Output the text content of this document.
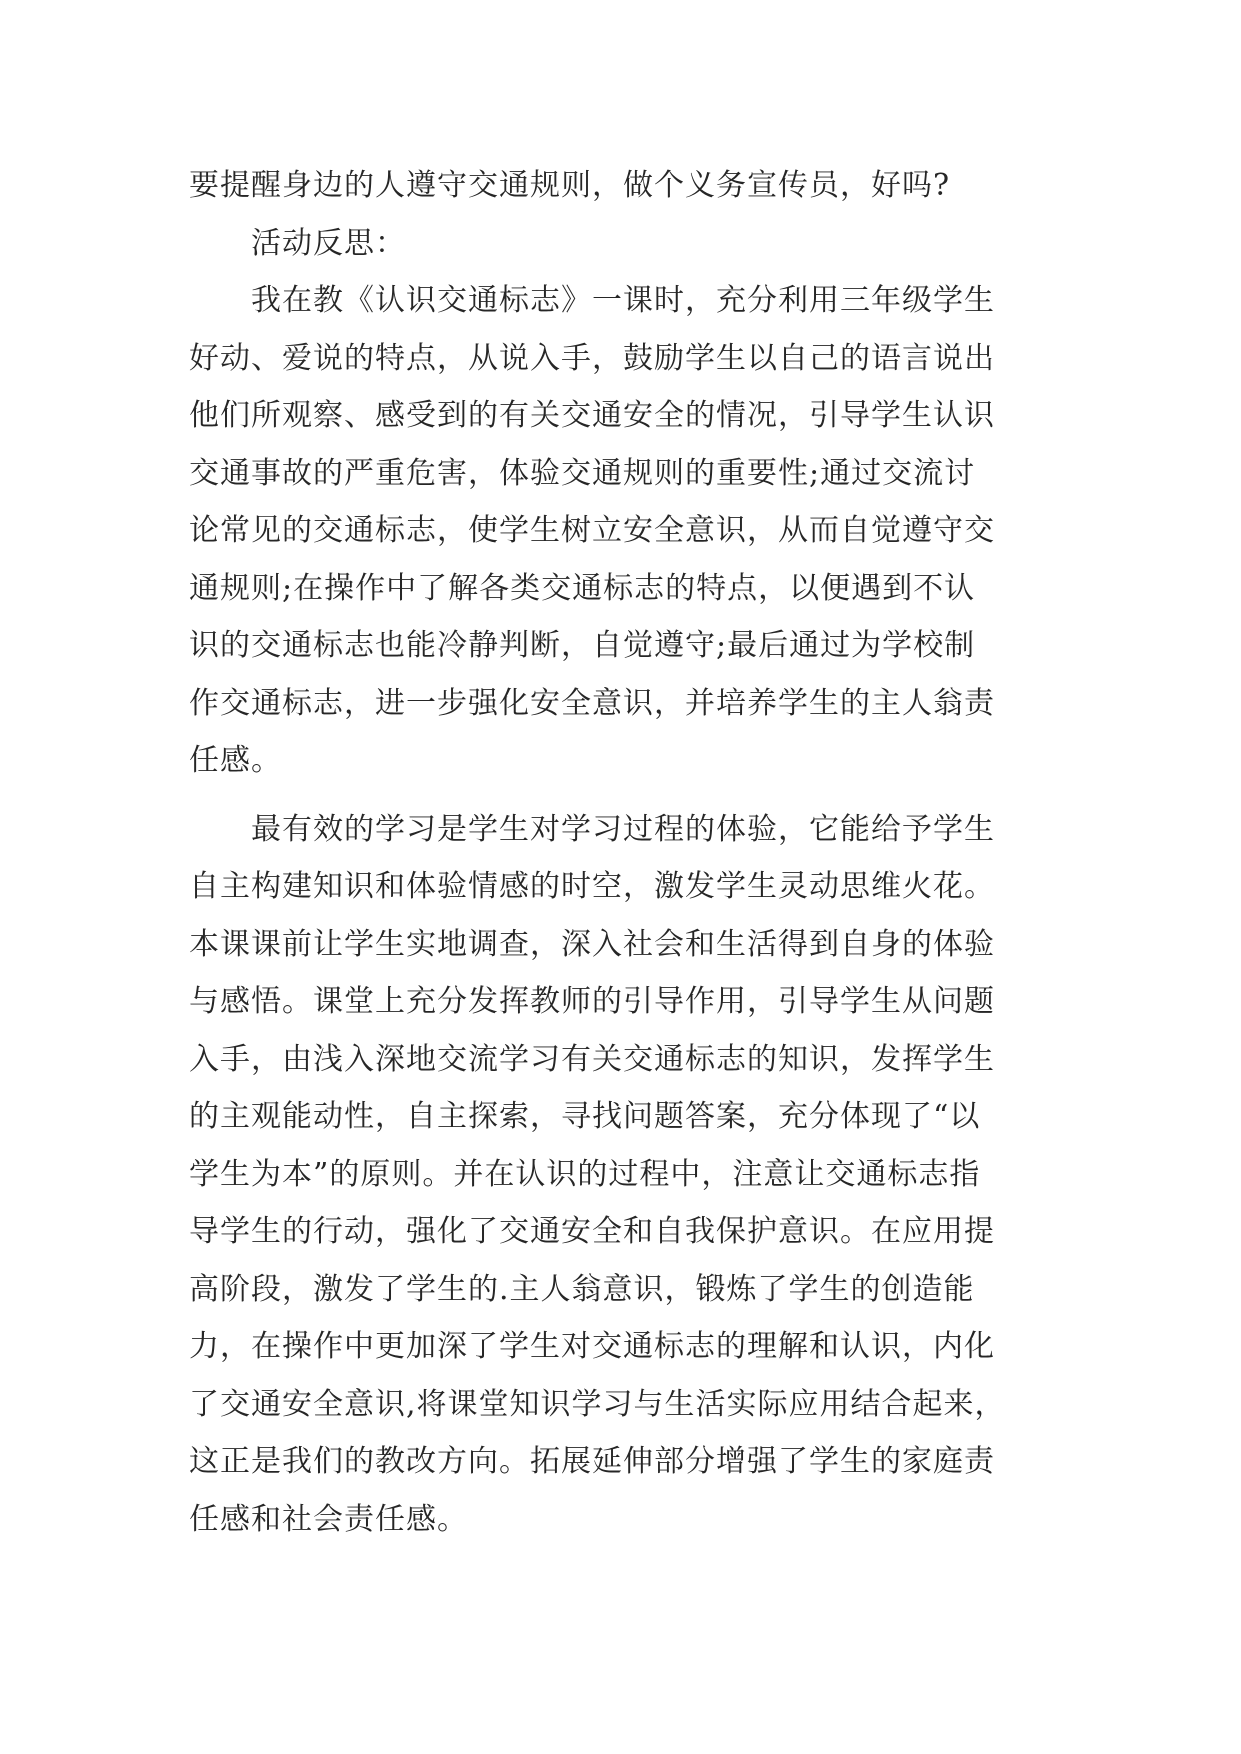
要提醒身边的人遵守交通规则，做个义务宣传员，好吗?
活动反思：
我在教《认识交通标志》一课时，充分利用三年级学生
好动、爱说的特点，从说入手，鼓励学生以自己的语言说出
他们所观察、感受到的有关交通安全的情况，引导学生认识
交通事故的严重危害，体验交通规则的重要性;通过交流讨
论常见的交通标志，使学生树立安全意识，从而自觉遵守交
通规则;在操作中了解各类交通标志的特点，以便遇到不认
识的交通标志也能冷静判断，自觉遵守;最后通过为学校制
作交通标志，进一步强化安全意识，并培养学生的主人翁责
任感。
最有效的学习是学生对学习过程的体验，它能给予学生
自主构建知识和体验情感的时空，激发学生灵动思维火花。
本课课前让学生实地调查，深入社会和生活得到自身的体验
与感悟。课堂上充分发挥教师的引导作用，引导学生从问题
入手，由浅入深地交流学习有关交通标志的知识，发挥学生
的主观能动性，自主探索，寻找问题答案，充分体现了“以
学生为本”的原则。并在认识的过程中，注意让交通标志指
导学生的行动，强化了交通安全和自我保护意识。在应用提
高阶段，激发了学生的.主人翁意识，锻炼了学生的创造能
力，在操作中更加深了学生对交通标志的理解和认识，内化
了交通安全意识,将课堂知识学习与生活实际应用结合起来，
这正是我们的教改方向。拓展延伸部分增强了学生的家庭责
任感和社会责任感。
